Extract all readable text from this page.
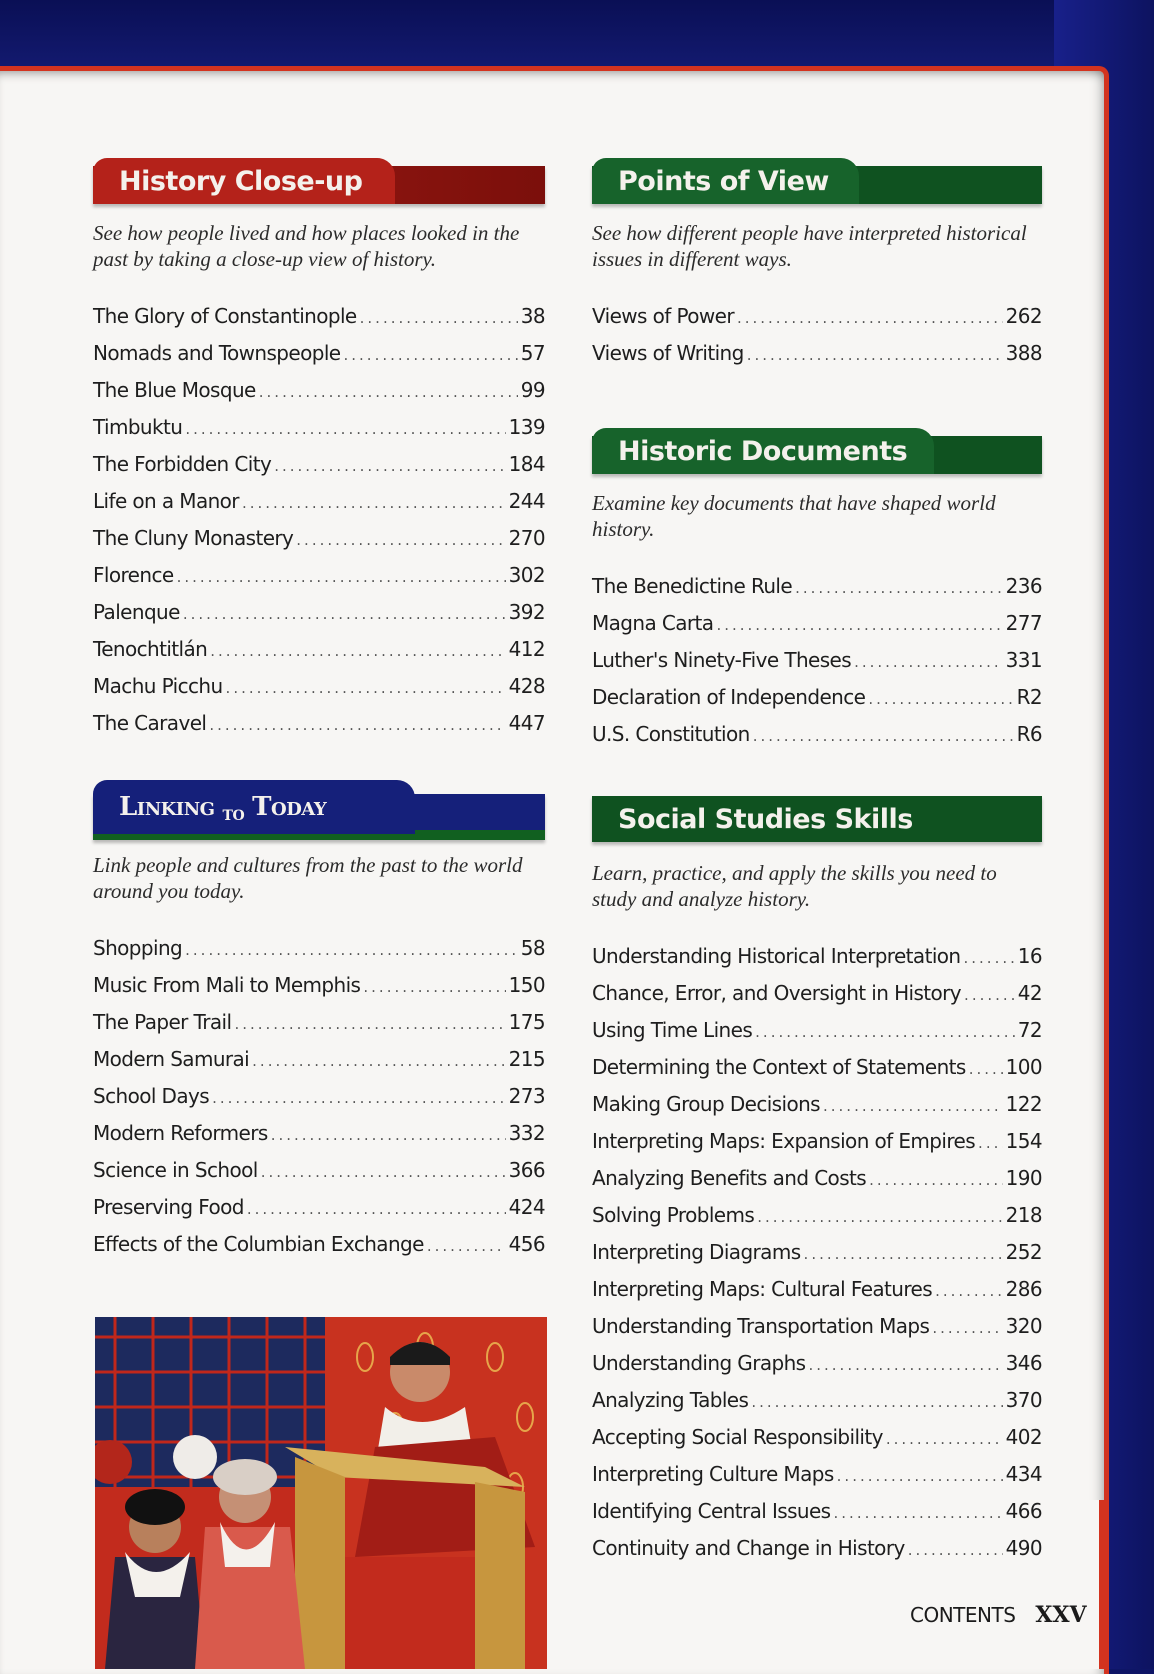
History Close-up
See how people lived and how places looked in the past by taking a close-up view of history.
The Glory of Constantinople .....	38
Nomads and Townspeople .....	57
The Blue Mosque .....	99
Timbuktu .....	139
The Forbidden City .....	184
Life on a Manor .....	244
The Cluny Monastery .....	270
Florence .....	302
Palenque .....	392
Tenochtitlán .....	412
Machu Picchu .....	428
The Caravel .....	447
Linking to Today
Link people and cultures from the past to the world around you today.
Shopping .....	58
Music From Mali to Memphis .....	150
The Paper Trail .....	175
Modern Samurai .....	215
School Days .....	273
Modern Reformers .....	332
Science in School .....	366
Preserving Food .....	424
Effects of the Columbian Exchange .....	456
Points of View
See how different people have interpreted historical issues in different ways.
Views of Power .....	262
Views of Writing .....	388
Historic Documents
Examine key documents that have shaped world history.
The Benedictine Rule .....	236
Magna Carta .....	277
Luther's Ninety-Five Theses .....	331
Declaration of Independence .....	R2
U.S. Constitution .....	R6
Social Studies Skills
Learn, practice, and apply the skills you need to study and analyze history.
Understanding Historical Interpretation .....	16
Chance, Error, and Oversight in History .....	42
Using Time Lines .....	72
Determining the Context of Statements ..... 100
Making Group Decisions .....	122
Interpreting Maps: Expansion of Empires ..... 154
Analyzing Benefits and Costs .....	190
Solving Problems .....	218
Interpreting Diagrams .....	252
Interpreting Maps: Cultural Features .....	286
Understanding Transportation Maps .....	320
Understanding Graphs .....	346
Analyzing Tables .....	370
Accepting Social Responsibility .....	402
Interpreting Culture Maps .....	434
Identifying Central Issues .....	466
Continuity and Change in History .....	490
CONTENTS XXV
